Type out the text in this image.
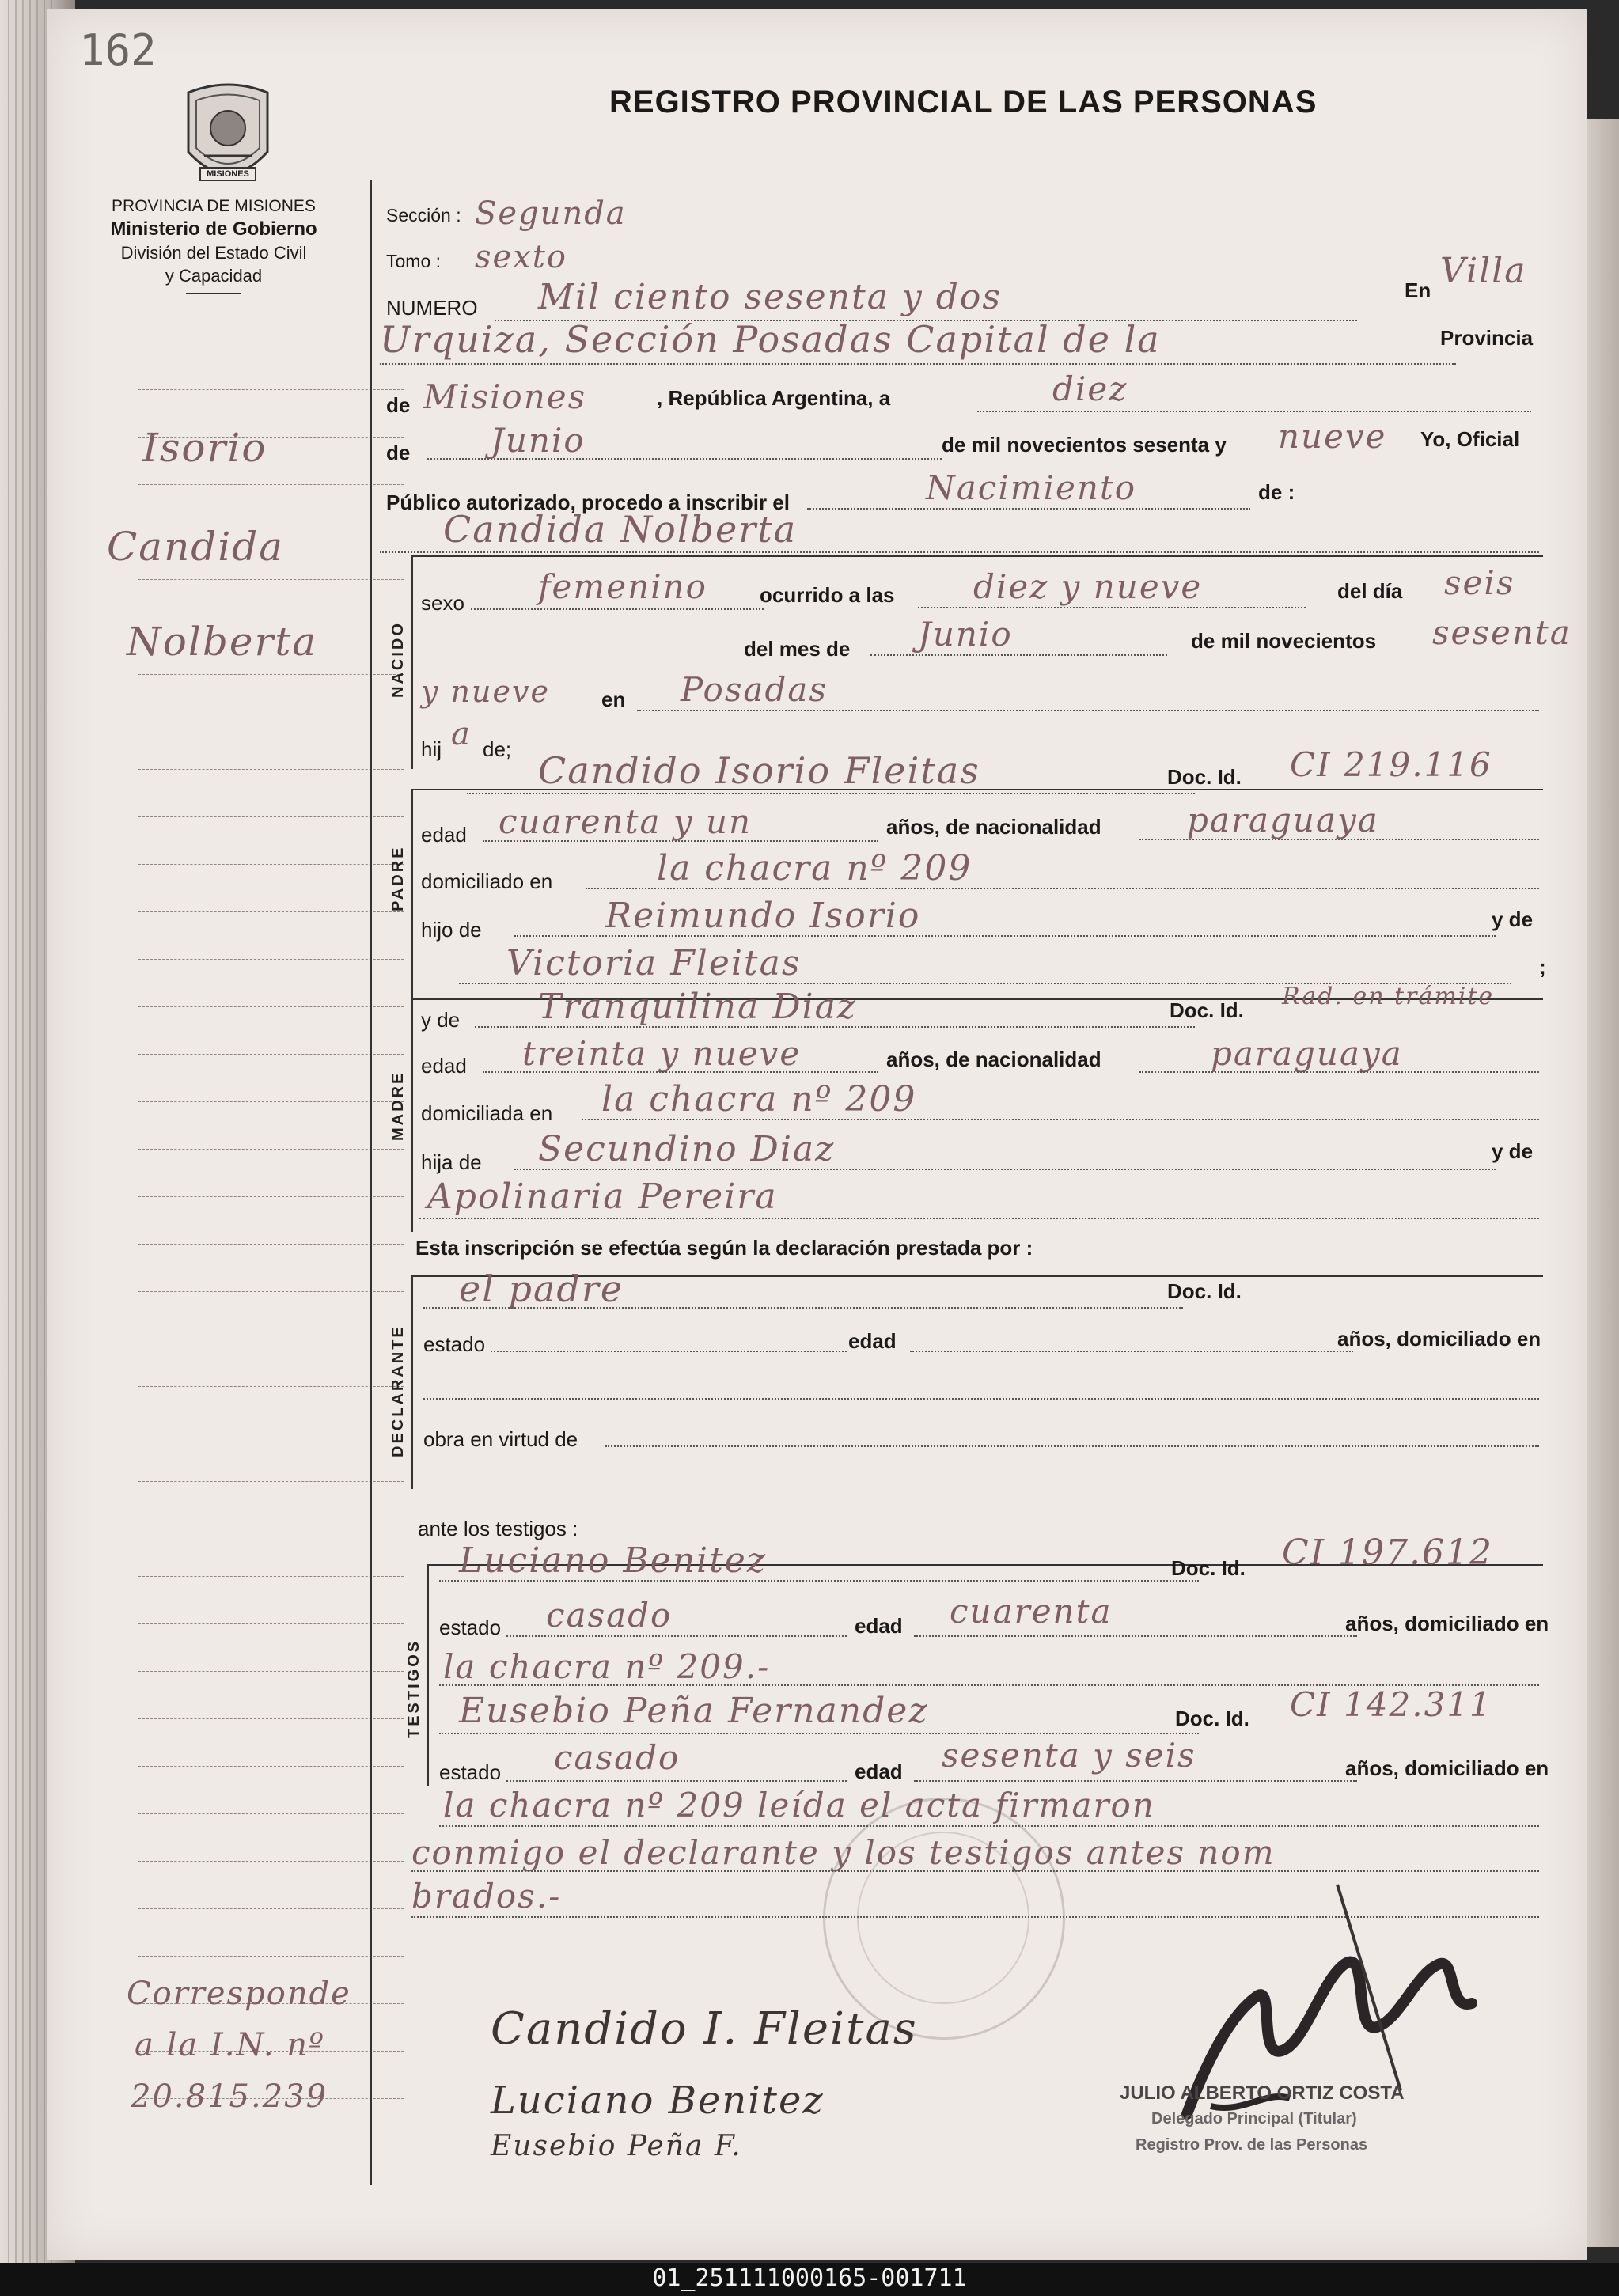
162
MISIONES
REGISTRO PROVINCIAL DE LAS PERSONAS
PROVINCIA DE MISIONES
Ministerio de Gobierno
División del Estado Civil
y Capacidad
Isorio
Candida
Nolberta
Corresponde
a la I.N. nº
20.815.239
Sección : Segunda
Tomo : sexto
NUMERO Mil ciento sesenta y dos	En Villa
Urquiza, Sección Posadas Capital de la	Provincia
de Misiones	, República Argentina, a	diez
de Junio	de mil novecientos sesenta y nueve Yo, Oficial
Público autorizado, procedo a inscribir el	Nacimiento	de :
Candida Nolberta
NACIDO
sexo femenino	ocurrido a las diez y nueve	del día seis
del mes de Junio	de mil novecientos sesenta
y nueve	en Posadas
hij a de; Candido Isorio Fleitas	Doc. Id. CI 219.116
PADRE
edad cuarenta y un	años, de nacionalidad	paraguaya
domiciliado en	la chacra nº 209
hijo de	Reimundo Isorio	y de
Victoria Fleitas	;
MADRE
y de Tranquilina Diaz	Doc. Id. Rad. en trámite
edad treinta y nueve	años, de nacionalidad	paraguaya
domiciliada en la chacra nº 209
hija de Secundino Diaz	y de
Apolinaria Pereira
Esta inscripción se efectúa según la declaración prestada por :
DECLARANTE
el padre	Doc. Id.
estado	edad	años, domiciliado en
obra en virtud de
ante los testigos :
TESTIGOS
Luciano Benitez	Doc. Id. CI 197.612
estado casado	edad cuarenta	años, domiciliado en
la chacra nº 209.-
Eusebio Peña Fernandez	Doc. Id. CI 142.311
estado casado	edad sesenta y seis	años, domiciliado en
la chacra nº 209 leída el acta firmaron
conmigo el declarante y los testigos antes nom
brados.-
Candido I. Fleitas
Luciano Benitez
Eusebio Peña F.
JULIO ALBERTO ORTIZ COSTA
Delegado Principal (Titular)
Registro Prov. de las Personas
01_251111000165-001711
